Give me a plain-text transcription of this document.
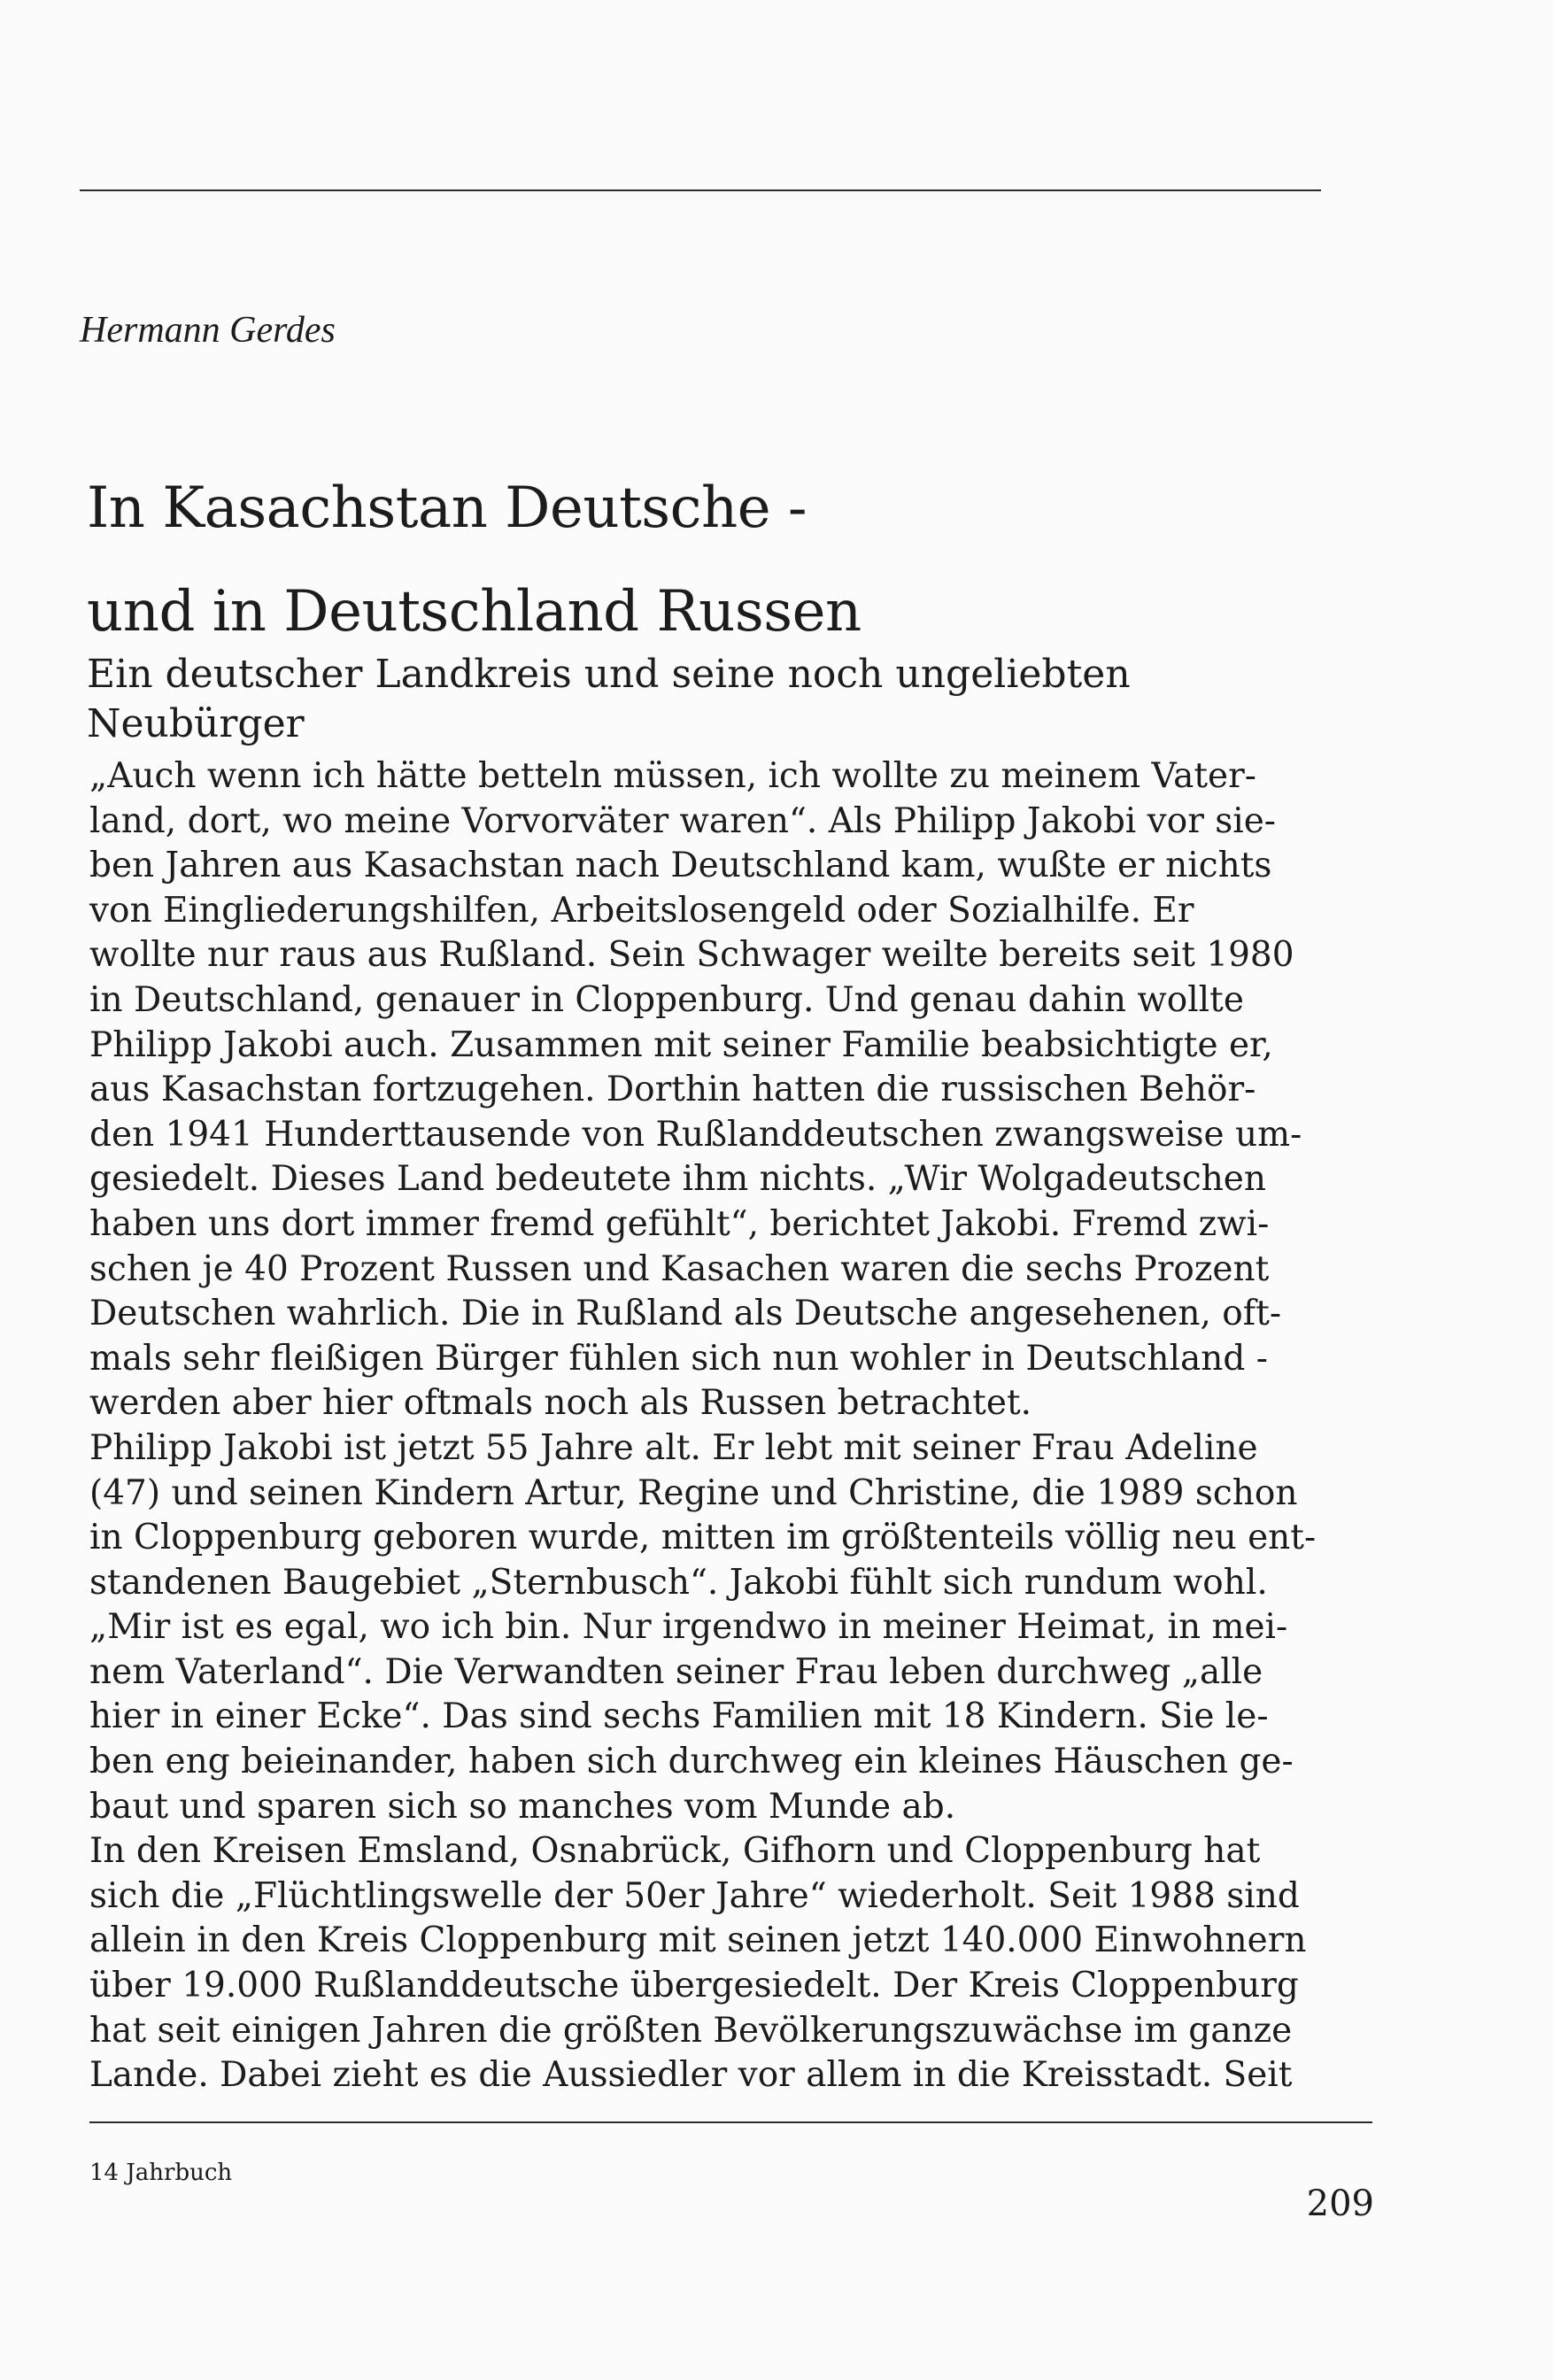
Hermann Gerdes
In Kasachstan Deutsche -
und in Deutschland Russen
Ein deutscher Landkreis und seine noch ungeliebten
Neubürger
„Auch wenn ich hätte betteln müssen, ich wollte zu meinem Vater-
land, dort, wo meine Vorvorväter waren“. Als Philipp Jakobi vor sie-
ben Jahren aus Kasachstan nach Deutschland kam, wußte er nichts
von Eingliederungshilfen, Arbeitslosengeld oder Sozialhilfe. Er
wollte nur raus aus Rußland. Sein Schwager weilte bereits seit 1980
in Deutschland, genauer in Cloppenburg. Und genau dahin wollte
Philipp Jakobi auch. Zusammen mit seiner Familie beabsichtigte er,
aus Kasachstan fortzugehen. Dorthin hatten die russischen Behör-
den 1941 Hunderttausende von Rußlanddeutschen zwangsweise um-
gesiedelt. Dieses Land bedeutete ihm nichts. „Wir Wolgadeutschen
haben uns dort immer fremd gefühlt“, berichtet Jakobi. Fremd zwi-
schen je 40 Prozent Russen und Kasachen waren die sechs Prozent
Deutschen wahrlich. Die in Rußland als Deutsche angesehenen, oft-
mals sehr fleißigen Bürger fühlen sich nun wohler in Deutschland -
werden aber hier oftmals noch als Russen betrachtet.
Philipp Jakobi ist jetzt 55 Jahre alt. Er lebt mit seiner Frau Adeline
(47) und seinen Kindern Artur, Regine und Christine, die 1989 schon
in Cloppenburg geboren wurde, mitten im größtenteils völlig neu ent-
standenen Baugebiet „Sternbusch“. Jakobi fühlt sich rundum wohl.
„Mir ist es egal, wo ich bin. Nur irgendwo in meiner Heimat, in mei-
nem Vaterland“. Die Verwandten seiner Frau leben durchweg „alle
hier in einer Ecke“. Das sind sechs Familien mit 18 Kindern. Sie le-
ben eng beieinander, haben sich durchweg ein kleines Häuschen ge-
baut und sparen sich so manches vom Munde ab.
In den Kreisen Emsland, Osnabrück, Gifhorn und Cloppenburg hat
sich die „Flüchtlingswelle der 50er Jahre“ wiederholt. Seit 1988 sind
allein in den Kreis Cloppenburg mit seinen jetzt 140.000 Einwohnern
über 19.000 Rußlanddeutsche übergesiedelt. Der Kreis Cloppenburg
hat seit einigen Jahren die größten Bevölkerungszuwächse im ganze
Lande. Dabei zieht es die Aussiedler vor allem in die Kreisstadt. Seit
14 Jahrbuch
209
